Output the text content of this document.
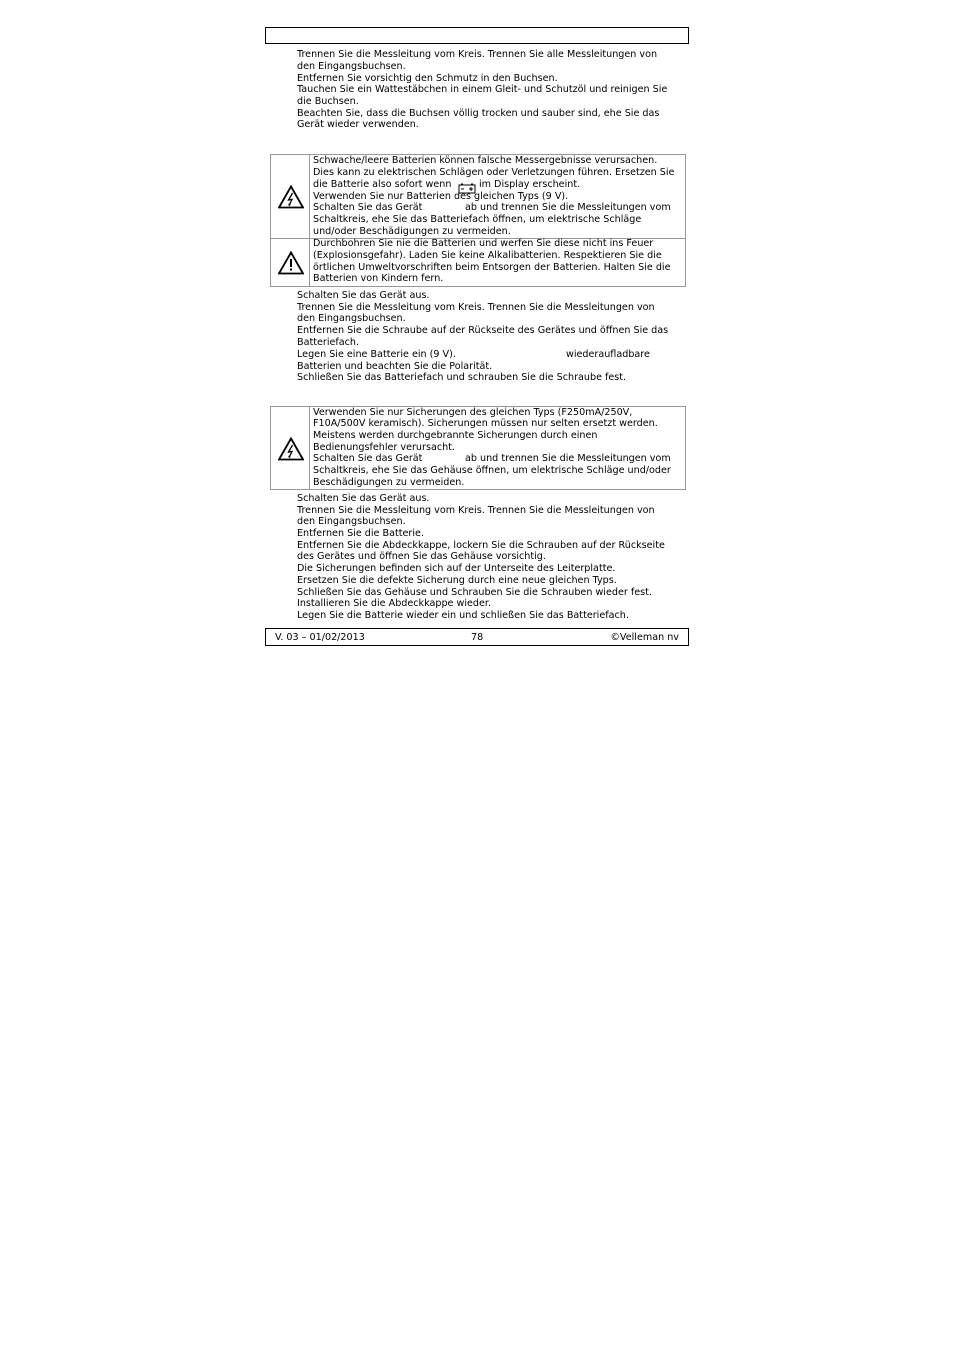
Trennen Sie die Messleitung vom Kreis. Trennen Sie alle Messleitungen von
den Eingangsbuchsen.
Entfernen Sie vorsichtig den Schmutz in den Buchsen.
Tauchen Sie ein Wattestäbchen in einem Gleit- und Schutzöl und reinigen Sie
die Buchsen.
Beachten Sie, dass die Buchsen völlig trocken und sauber sind, ehe Sie das
Gerät wieder verwenden.
Schwache/leere Batterien können falsche Messergebnisse verursachen.
Dies kann zu elektrischen Schlägen oder Verletzungen führen. Ersetzen Sie
die Batterie also sofort wenn	im Display erscheint.
Verwenden Sie nur Batterien des gleichen Typs (9 V).
Schalten Sie das Gerät	ab und trennen Sie die Messleitungen vom
Schaltkreis, ehe Sie das Batteriefach öffnen, um elektrische Schläge
und/oder Beschädigungen zu vermeiden.
Durchbohren Sie nie die Batterien und werfen Sie diese nicht ins Feuer
(Explosionsgefahr). Laden Sie keine Alkalibatterien. Respektieren Sie die
örtlichen Umweltvorschriften beim Entsorgen der Batterien. Halten Sie die
Batterien von Kindern fern.
Schalten Sie das Gerät aus.
Trennen Sie die Messleitung vom Kreis. Trennen Sie die Messleitungen von
den Eingangsbuchsen.
Entfernen Sie die Schraube auf der Rückseite des Gerätes und öffnen Sie das
Batteriefach.
Legen Sie eine Batterie ein (9 V).	wiederaufladbare
Batterien und beachten Sie die Polarität.
Schließen Sie das Batteriefach und schrauben Sie die Schraube fest.
Verwenden Sie nur Sicherungen des gleichen Typs (F250mA/250V,
F10A/500V keramisch). Sicherungen müssen nur selten ersetzt werden.
Meistens werden durchgebrannte Sicherungen durch einen
Bedienungsfehler verursacht.
Schalten Sie das Gerät	ab und trennen Sie die Messleitungen vom
Schaltkreis, ehe Sie das Gehäuse öffnen, um elektrische Schläge und/oder
Beschädigungen zu vermeiden.
Schalten Sie das Gerät aus.
Trennen Sie die Messleitung vom Kreis. Trennen Sie die Messleitungen von
den Eingangsbuchsen.
Entfernen Sie die Batterie.
Entfernen Sie die Abdeckkappe, lockern Sie die Schrauben auf der Rückseite
des Gerätes und öffnen Sie das Gehäuse vorsichtig.
Die Sicherungen befinden sich auf der Unterseite des Leiterplatte.
Ersetzen Sie die defekte Sicherung durch eine neue gleichen Typs.
Schließen Sie das Gehäuse und Schrauben Sie die Schrauben wieder fest.
Installieren Sie die Abdeckkappe wieder.
Legen Sie die Batterie wieder ein und schließen Sie das Batteriefach.
V. 03 – 01/02/2013	78	©Velleman nv
